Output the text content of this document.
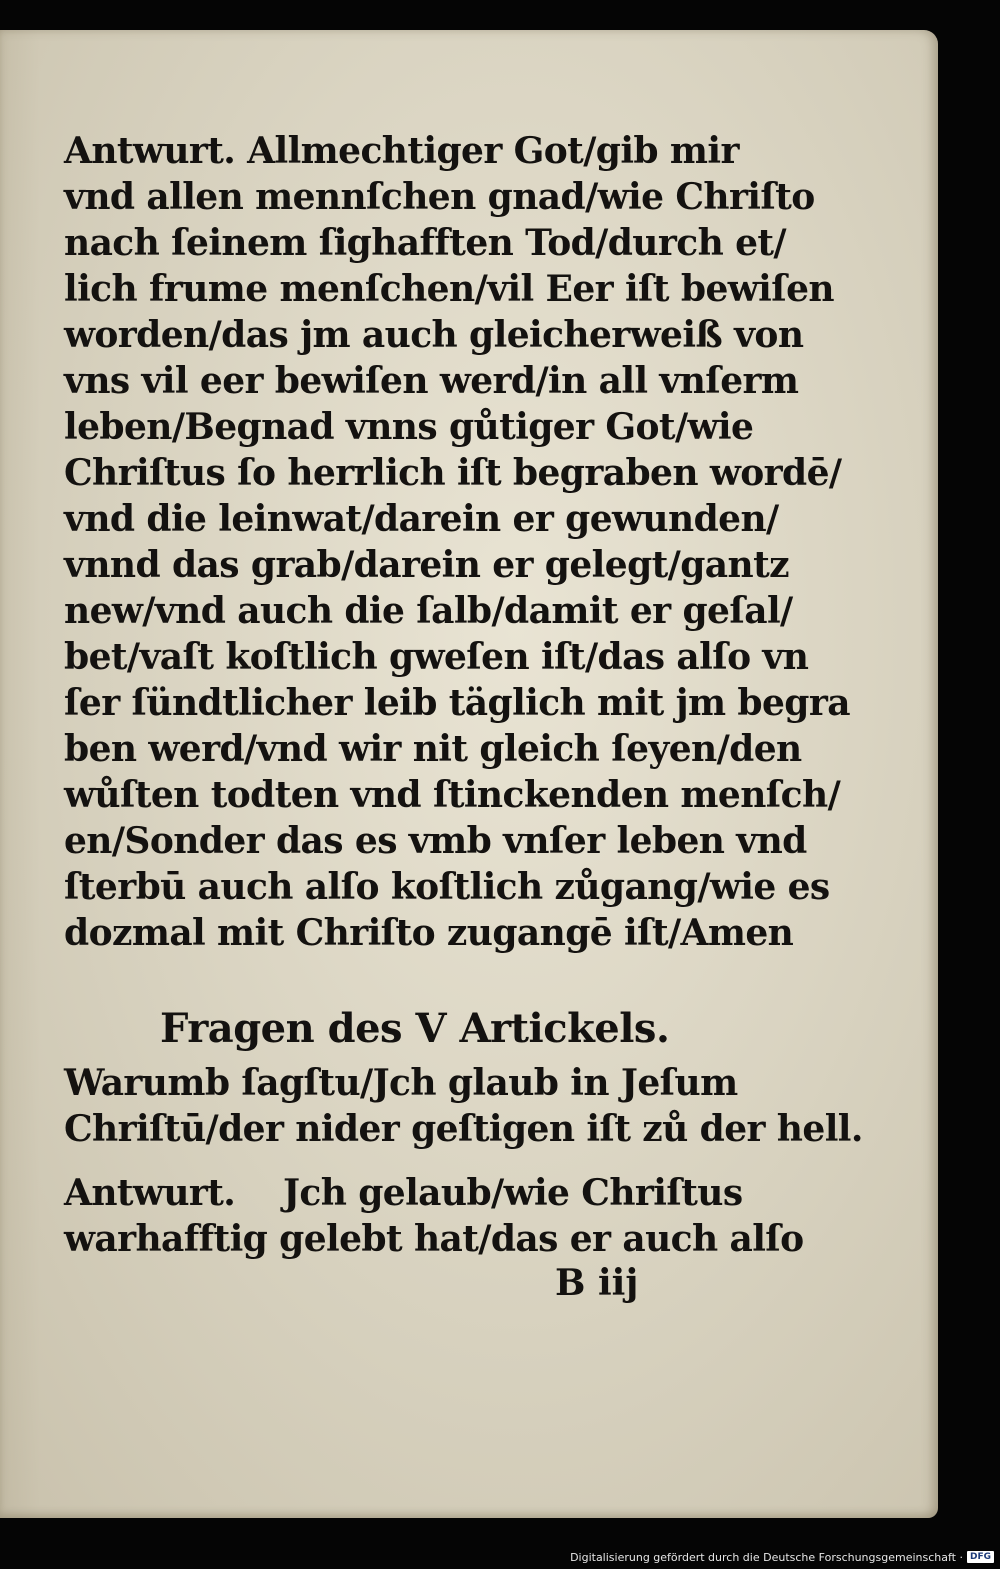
Antwurt. Allmechtiger Got/gib mir
vnd allen mennſchen gnad/wie Chriſto
nach ſeinem ſighafften Tod/durch et/
lich frume menſchen/vil Eer iſt bewiſen
worden/das jm auch gleicherweiß von
vns vil eer bewiſen werd/in all vnſerm
leben/Begnad vnns gůtiger Got/wie
Chriſtus ſo herrlich iſt begraben wordē/
vnd die leinwat/darein er gewunden/
vnnd das grab/darein er gelegt/gantz
new/vnd auch die ſalb/damit er geſal/
bet/vaſt koſtlich gweſen iſt/das alſo vn
ſer ſündtlicher leib täglich mit jm begra
ben werd/vnd wir nit gleich ſeyen/den
wůſten todten vnd ſtinckenden menſch/
en/Sonder das es vmb vnſer leben vnd
ſterbū auch alſo koſtlich zůgang/wie es
dozmal mit Chriſto zugangē iſt/Amen
Fragen des V Artickels.
Warumb ſagſtu/Jch glaub in Jeſum
Chriſtū/der nider geſtigen iſt zů der hell.
Antwurt.    Jch gelaub/wie Chriſtus
warhafftig gelebt hat/das er auch alſo
B iij
Digitalisierung gefördert durch die Deutsche Forschungsgemeinschaft · DFG
